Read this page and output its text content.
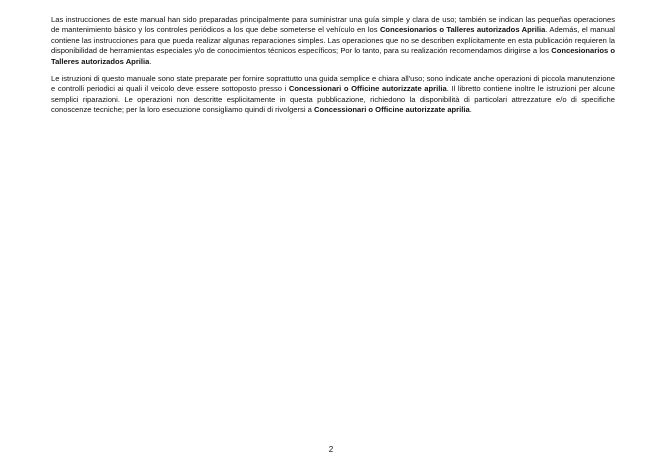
Las instrucciones de este manual han sido preparadas principalmente para suministrar una guía simple y clara de uso; también se indican las pequeñas operaciones de mantenimiento básico y los controles periódicos a los que debe someterse el vehículo en los Concesionarios o Talleres autorizados Aprilia. Además, el manual contiene las instrucciones para que pueda realizar algunas reparaciones simples. Las operaciones que no se describen explícitamente en esta publicación requieren la disponibilidad de herramientas especiales y/o de conocimientos técnicos específicos; Por lo tanto, para su realización recomendamos dirigirse a los Concesionarios o Talleres autorizados Aprilia.

Le istruzioni di questo manuale sono state preparate per fornire soprattutto una guida semplice e chiara all'uso; sono indicate anche operazioni di piccola manutenzione e controlli periodici ai quali il veicolo deve essere sottoposto presso i Concessionari o Officine autorizzate aprilia. Il libretto contiene inoltre le istruzioni per alcune semplici riparazioni. Le operazioni non descritte esplicitamente in questa pubblicazione, richiedono la disponibilità di particolari attrezzature e/o di specifiche conoscenze tecniche; per la loro esecuzione consigliamo quindi di rivolgersi a Concessionari o Officine autorizzate aprilia.

2
